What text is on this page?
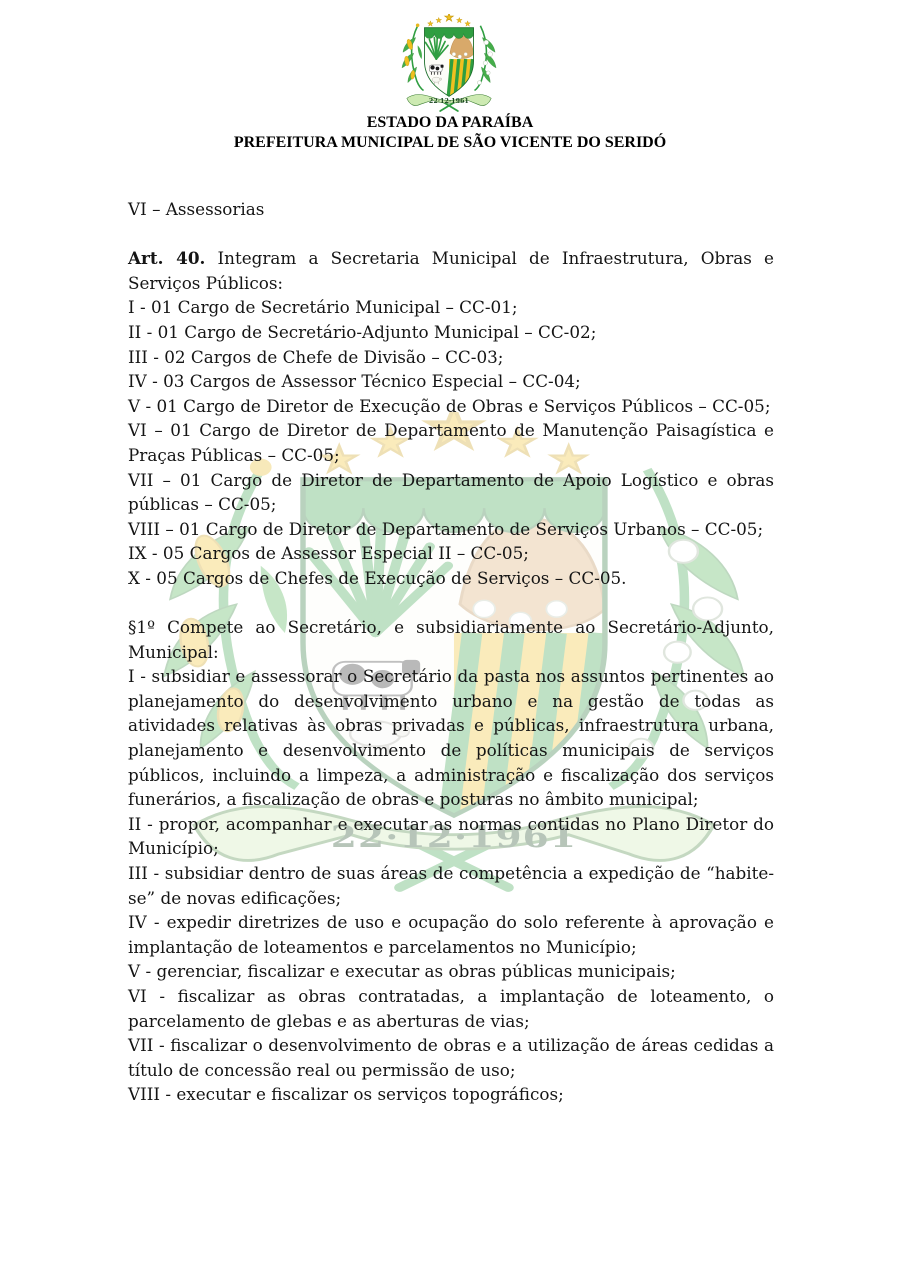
ESTADO DA PARAÍBA
PREFEITURA MUNICIPAL DE SÃO VICENTE DO SERIDÓ

VI – Assessorias

Art. 40. Integram a Secretaria Municipal de Infraestrutura, Obras e Serviços Públicos:

I - 01 Cargo de Secretário Municipal – CC-01;

II - 01 Cargo de Secretário-Adjunto Municipal – CC-02;

III - 02 Cargos de Chefe de Divisão – CC-03;

IV - 03 Cargos de Assessor Técnico Especial – CC-04;

V - 01 Cargo de Diretor de Execução de Obras e Serviços Públicos – CC-05;

VI – 01 Cargo de Diretor de Departamento de Manutenção Paisagística e Praças Públicas – CC-05;

VII – 01 Cargo de Diretor de Departamento de Apoio Logístico e obras públicas – CC-05;

VIII – 01 Cargo de Diretor de Departamento de Serviços Urbanos – CC-05;

IX - 05 Cargos de Assessor Especial II – CC-05;

X - 05 Cargos de Chefes de Execução de Serviços – CC-05.

§1º Compete ao Secretário, e subsidiariamente ao Secretário-Adjunto, Municipal:

I - subsidiar e assessorar o Secretário da pasta nos assuntos pertinentes ao planejamento do desenvolvimento urbano e na gestão de todas as atividades relativas às obras privadas e públicas, infraestrutura urbana, planejamento e desenvolvimento de políticas municipais de serviços públicos, incluindo a limpeza, a administração e fiscalização dos serviços funerários, a fiscalização de obras e posturas no âmbito municipal;

II - propor, acompanhar e executar as normas contidas no Plano Diretor do Município;

III - subsidiar dentro de suas áreas de competência a expedição de “habite-se” de novas edificações;

IV - expedir diretrizes de uso e ocupação do solo referente à aprovação e implantação de loteamentos e parcelamentos no Município;

V - gerenciar, fiscalizar e executar as obras públicas municipais;

VI - fiscalizar as obras contratadas, a implantação de loteamento, o parcelamento de glebas e as aberturas de vias;

VII - fiscalizar o desenvolvimento de obras e a utilização de áreas cedidas a título de concessão real ou permissão de uso;

VIII - executar e fiscalizar os serviços topográficos;
